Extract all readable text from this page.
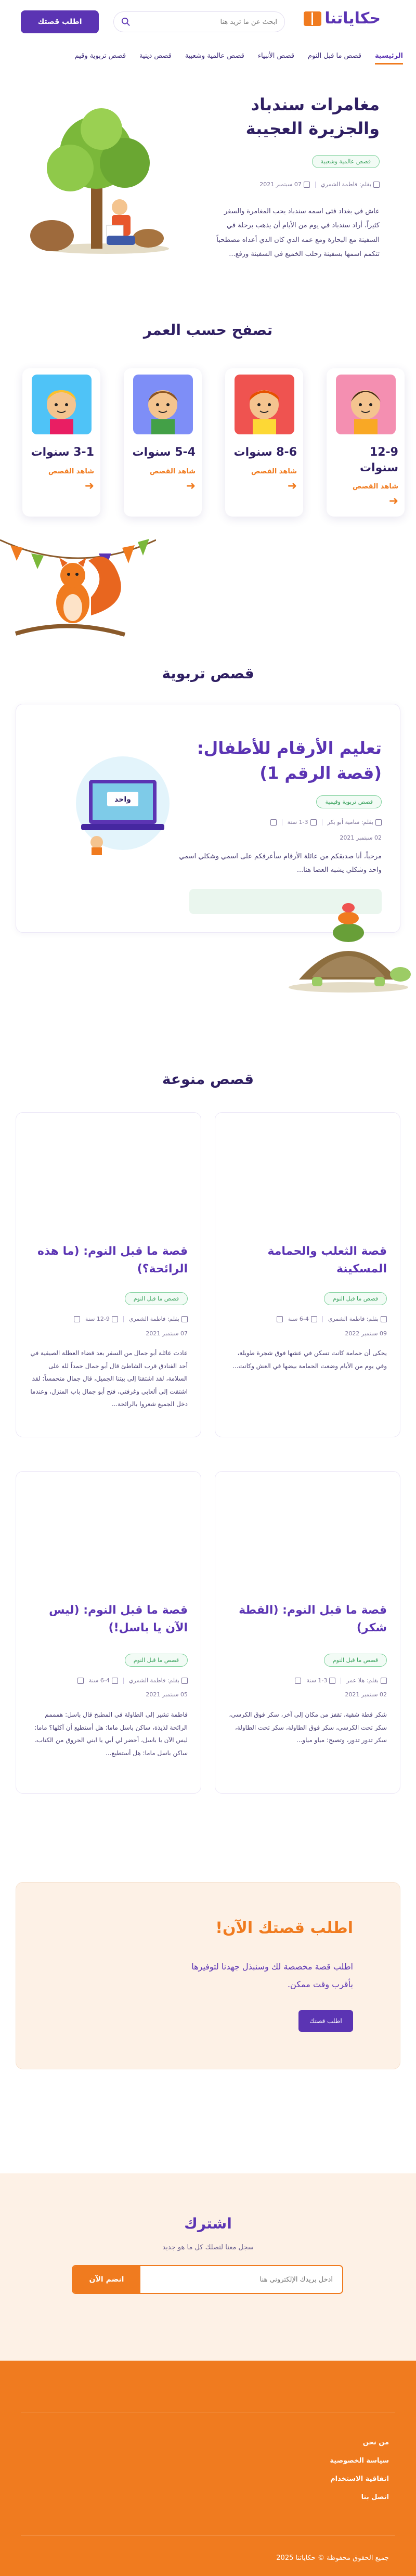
حكاياتنا
ابحث عن ما تريد هنا
اطلب قصتك
الرئيسية
قصص ما قبل النوم
قصص الأنبياء
قصص عالمية وشعبية
قصص دينية
قصص تربوية وقيم
مغامرات سندباد والجزيرة العجيبة
قصص عالمية وشعبية
بقلم: فاطمة الشمري
07 سبتمبر 2021

عاش في بغداد فتى اسمه سندباد يحب المغامرة والسفر كثيراً، أراد سندباد في يوم من الأيام أن يذهب برحلة في السفينة مع البحارة ومع عمه الذي كان الذي أعداه مصطحباً تتكمم اسمها بسفينة رحلب الخميع في السفينة ورفع...

تصفح حسب العمر
12-9 سنوات
شاهد القصص
➜
8-6 سنوات
شاهد القصص
➜
5-4 سنوات
شاهد القصص
➜
3-1 سنوات
شاهد القصص
➜
قصص تربوية
تعليم الأرقام للأطفال: (قصة الرقم 1)
قصص تربوية وقيمية
بقلم: سامية أبو بكر
1-3 سنة
02 سبتمبر 2021

مرحباً، أنا صديقكم من عائلة الأرقام سأعرفكم على اسمي وشكلي اسمي واحد وشكلي يشبه العصا هنا...

واحد
قصص منوعة
قصة الثعلب والحمامة المسكينة
قصص ما قبل النوم
بقلم: فاطمة الشمري
6-4 سنة
09 سبتمبر 2022

يحكى أن حمامة كانت تسكن في عشها فوق شجرة طويلة، وفي يوم من الأيام وضعت الحمامة بيضها في العش وكانت...

قصة ما قبل النوم: (ما هذه الرائحة؟)
قصص ما قبل النوم
بقلم: فاطمة الشمري
12-9 سنة
07 سبتمبر 2021

عادت عائلة أبو جمال من السفر بعد قضاء العطلة الصيفية في أحد الفنادق قرب الشاطئ قال أبو جمال حمداً لله على السلامة، لقد اشتقنا إلى بيتنا الجميل، قال جمال متحمساً: لقد اشتقت إلى ألعابي وغرفتي، فتح أبو جمال باب المنزل، وعندما دخل الجميع شعروا بالرائحة...

قصة ما قبل النوم: (القطة شكر)
قصص ما قبل النوم
بقلم: هلا عمر
1-3 سنة
02 سبتمبر 2021

شكر قطة شقية، تقفز من مكان إلى آخر، سكر فوق الكرسي، سكر تحت الكرسي، سكر فوق الطاولة، سكر تحت الطاولة، سكر تدور تدور، وتصيح: مياو مياو...

قصة ما قبل النوم: (ليس الآن يا باسل!)
قصص ما قبل النوم
بقلم: فاطمة الشمري
6-4 سنة
05 سبتمبر 2021

فاطمة تشير إلى الطاولة في المطبخ قال باسل: همممم الرائحة لذيذة، ساكن باسل ماما: هل أستطيع أن آكلها؟ ماما: ليس الآن يا باسل، أحضر لي أبي يا ابني الحروق من الكتاب، ساكن باسل ماما: هل أستطيع...

اطلب قصتك الآن!

اطلب قصة مخصصة لك وسنبذل جهدنا لتوفيرها بأقرب وقت ممكن.

اطلب قصتك
اشترك

سجل معنا لتصلك كل ما هو جديد

أدخل بريدك الإلكتروني هنا
انضم الآن
من نحن
سياسة الخصوصية
اتفاقية الاستخدام
اتصل بنا
جميع الحقوق محفوظة © حكاياتنا 2025
